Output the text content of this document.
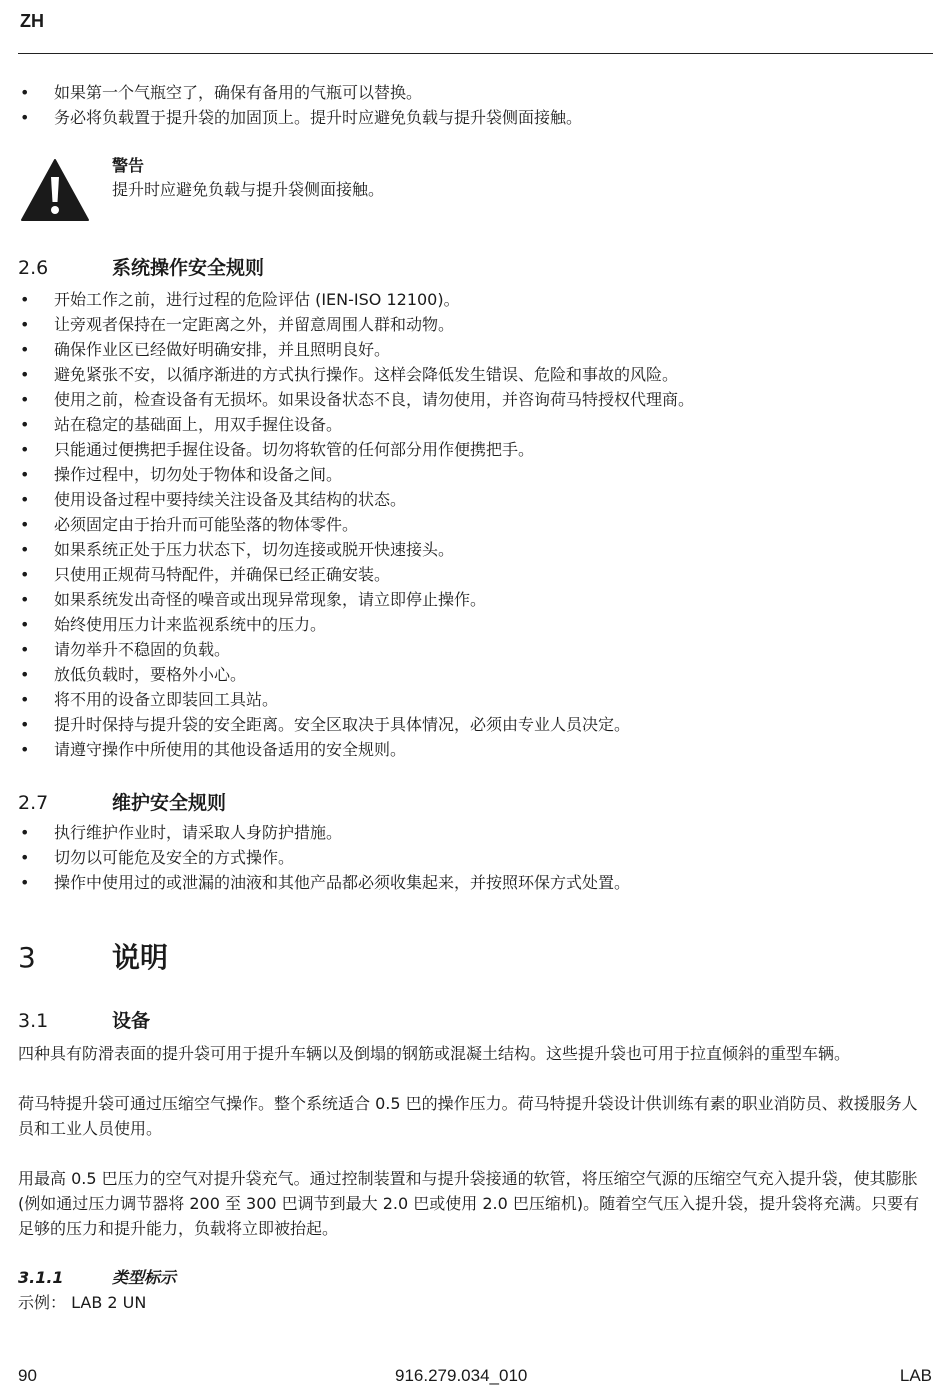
ZH
• 如果第一个气瓶空了，确保有备用的气瓶可以替换。
• 务必将负载置于提升袋的加固顶上。提升时应避免负载与提升袋侧面接触。
警告
提升时应避免负载与提升袋侧面接触。
2.6	系统操作安全规则
• 开始工作之前，进行过程的危险评估 (IEN-ISO 12100)。
• 让旁观者保持在一定距离之外，并留意周围人群和动物。
• 确保作业区已经做好明确安排，并且照明良好。
• 避免紧张不安，以循序渐进的方式执行操作。这样会降低发生错误、危险和事故的风险。
• 使用之前，检查设备有无损坏。如果设备状态不良，请勿使用，并咨询荷马特授权代理商。
• 站在稳定的基础面上，用双手握住设备。
• 只能通过便携把手握住设备。切勿将软管的任何部分用作便携把手。
• 操作过程中，切勿处于物体和设备之间。
• 使用设备过程中要持续关注设备及其结构的状态。
• 必须固定由于抬升而可能坠落的物体零件。
• 如果系统正处于压力状态下，切勿连接或脱开快速接头。
• 只使用正规荷马特配件，并确保已经正确安装。
• 如果系统发出奇怪的噪音或出现异常现象，请立即停止操作。
• 始终使用压力计来监视系统中的压力。
• 请勿举升不稳固的负载。
• 放低负载时，要格外小心。
• 将不用的设备立即装回工具站。
• 提升时保持与提升袋的安全距离。安全区取决于具体情况，必须由专业人员决定。
• 请遵守操作中所使用的其他设备适用的安全规则。
2.7	维护安全规则
• 执行维护作业时，请采取人身防护措施。
• 切勿以可能危及安全的方式操作。
• 操作中使用过的或泄漏的油液和其他产品都必须收集起来，并按照环保方式处置。
3	说明
3.1	设备
四种具有防滑表面的提升袋可用于提升车辆以及倒塌的钢筋或混凝土结构。这些提升袋也可用于拉直倾斜的重型车辆。
荷马特提升袋可通过压缩空气操作。整个系统适合 0.5 巴的操作压力。荷马特提升袋设计供训练有素的职业消防员、救援服务人员和工业人员使用。
用最高 0.5 巴压力的空气对提升袋充气。通过控制装置和与提升袋接通的软管，将压缩空气源的压缩空气充入提升袋，使其膨胀 (例如通过压力调节器将 200 至 300 巴调节到最大 2.0 巴或使用 2.0 巴压缩机)。随着空气压入提升袋，提升袋将充满。只要有足够的压力和提升能力，负载将立即被抬起。
3.1.1	类型标示
示例： LAB 2 UN
90	916.279.034_010	LAB
